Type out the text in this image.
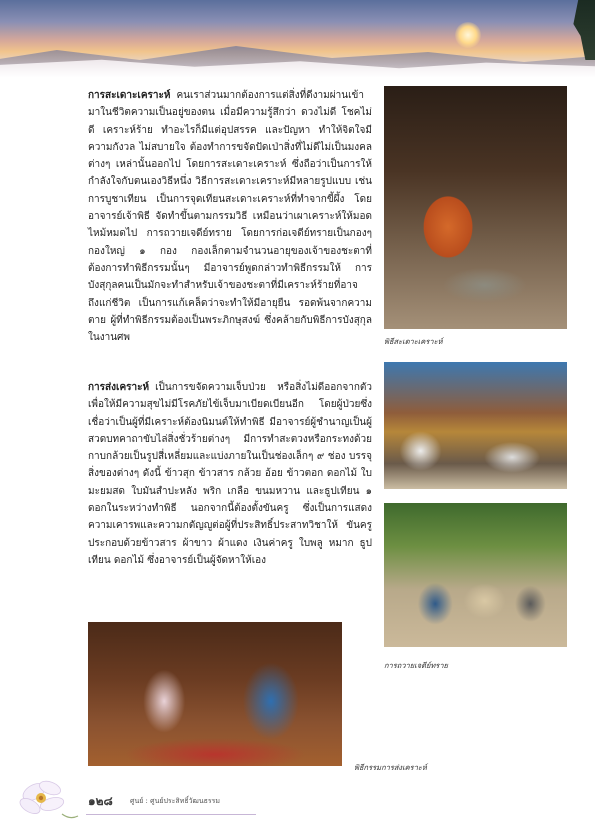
การสะเดาะเคราะห์ คนเราส่วนมากต้องการแต่สิ่งที่ดีงามผ่านเข้ามาในชีวิตความเป็นอยู่ของตน เมื่อมีความรู้สึกว่า ดวงไม่ดี โชคไม่ดี เคราะห์ร้าย ทำอะไรก็มีแต่อุปสรรค และปัญหา ทำให้จิตใจมีความกังวล ไม่สบายใจ ต้องทำการขจัดปัดเป่าสิ่งที่ไม่ดีไม่เป็นมงคลต่างๆ เหล่านั้นออกไป โดยการสะเดาะเคราะห์ ซึ่งถือว่าเป็นการให้กำลังใจกับตนเองวิธีหนึ่ง วิธีการสะเดาะเคราะห์มีหลายรูปแบบ เช่น การบูชาเทียน เป็นการจุดเทียนสะเดาะเคราะห์ที่ทำจากขี้ผึ้ง โดยอาจารย์เจ้าพิธี จัดทำขึ้นตามกรรมวิธี เหมือนว่าเผาเคราะห์ให้มอดไหม้หมดไป การถวายเจดีย์ทราย โดยการก่อเจดีย์ทรายเป็นกองๆ กองใหญ่ ๑ กอง กองเล็กตามจำนวนอายุของเจ้าของชะตาที่ต้องการทำพิธีกรรมนั้นๆ มีอาจารย์พูดกล่าวทำพิธีกรรมให้ การบังสุกุลคนเป็นมักจะทำสำหรับเจ้าของชะตาที่มีเคราะห์ร้ายที่อาจถึงแก่ชีวิต เป็นการแก้เคล็ดว่าจะทำให้มีอายุยืน รอดพ้นจากความตาย ผู้ที่ทำพิธีกรรมต้องเป็นพระภิกษุสงฆ์ ซึ่งคล้ายกับพิธีการบังสุกุลในงานศพ

การส่งเคราะห์ เป็นการขจัดความเจ็บป่วย หรือสิ่งไม่ดีออกจากตัว เพื่อให้มีความสุขไม่มีโรคภัยไข้เจ็บมาเบียดเบียนอีก โดยผู้ป่วยซึ่งเชื่อว่าเป็นผู้ที่มีเคราะห์ต้องนิมนต์ให้ทำพิธี มีอาจารย์ผู้ชำนาญเป็นผู้สวดบทคาถาขับไล่สิ่งชั่วร้ายต่างๆ มีการทำสะตวงหรือกระทงด้วยกาบกล้วยเป็นรูปสี่เหลี่ยมและแบ่งภายในเป็นช่องเล็กๆ ๙ ช่อง บรรจุสิ่งของต่างๆ ดังนี้ ข้าวสุก ข้าวสาร กล้วย อ้อย ข้าวตอก ดอกไม้ ใบมะยมสด ใบมันสำปะหลัง พริก เกลือ ขนมหวาน และธูปเทียน ๑ ดอกในระหว่างทำพิธี นอกจากนี้ต้องตั้งขันครู ซึ่งเป็นการแสดงความเคารพและความกตัญญูต่อผู้ที่ประสิทธิ์ประสาทวิชาให้ ขันครูประกอบด้วยข้าวสาร ผ้าขาว ผ้าแดง เงินค่าครู ใบพลู หมาก ธูปเทียน ดอกไม้ ซึ่งอาจารย์เป็นผู้จัดหาให้เอง

พิธีสะเดาะเคราะห์
การถวายเจดีย์ทราย
พิธีกรรมการส่งเคราะห์
๑๒๘ ศูนย์ : ศูนย์ประสิทธิ์วัฒนธรรม
